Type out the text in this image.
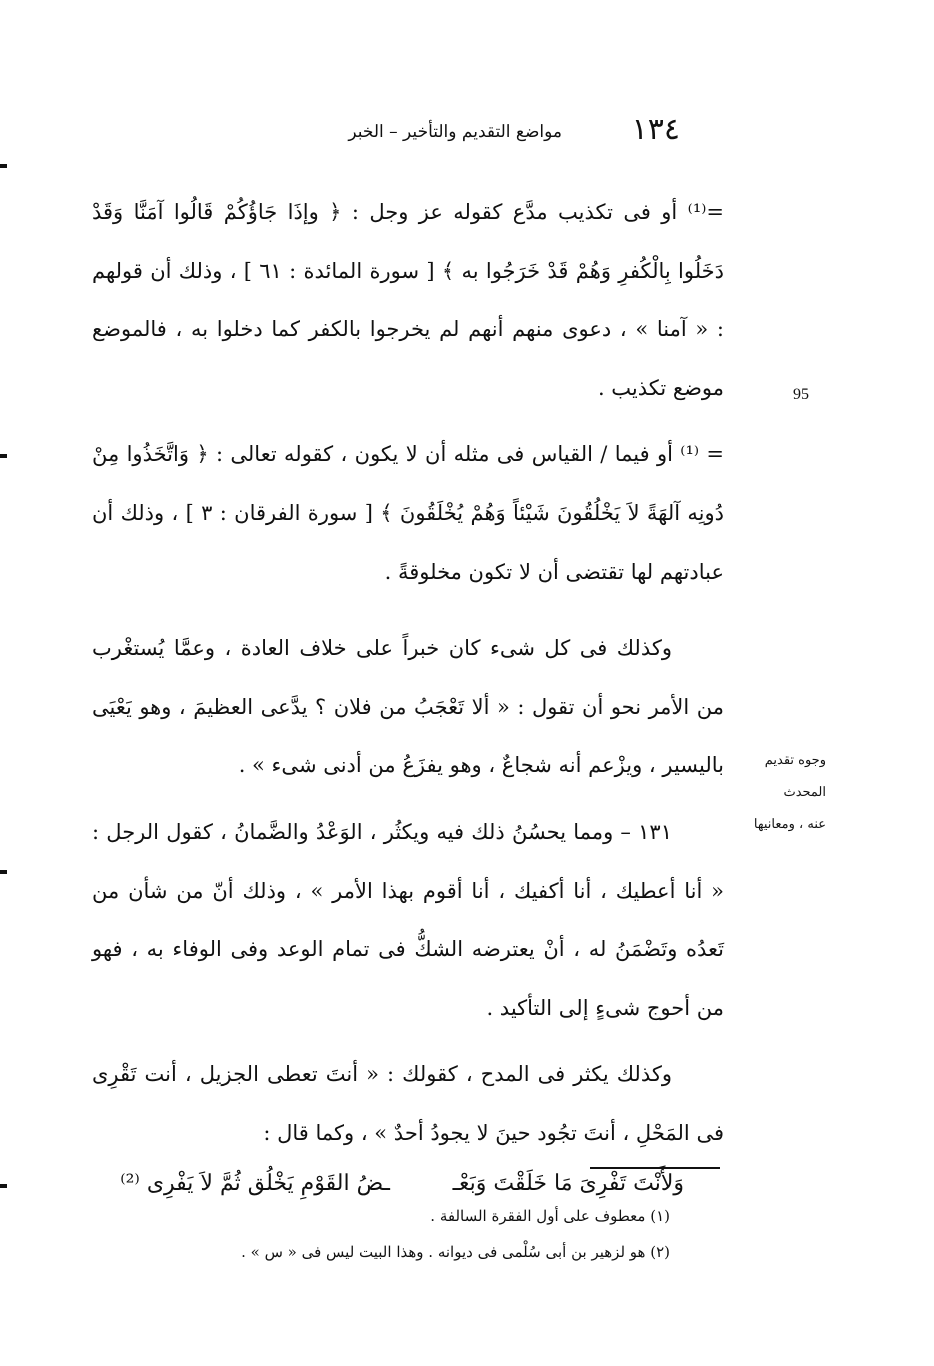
١٣٤
مواضع التقديم والتأخير – الخبر
95
وجوه تقديم المحدث
عنه ، ومعانيها

=⁽¹⁾ أو فى تكذيب مدَّع كقوله عز وجل : ﴿ وإذَا جَاؤُكُمْ قَالُوا آمَنَّا وَقَدْ دَخَلُوا بِالْكُفرِ وَهُمْ قَدْ خَرَجُوا به ﴾ [ سورة المائدة : ٦١ ] ، وذلك أن قولهم : « آمنا » ، دعوى منهم أنهم لم يخرجوا بالكفر كما دخلوا به ، فالموضع موضع تكذيب .

= ⁽¹⁾ أو فيما / القياس فى مثله أن لا يكون ، كقوله تعالى : ﴿ وَاتَّخَذُوا مِنْ دُونِه آلهَةً لاَ يَخْلُقُونَ شَيْئاً وَهُمْ يُخْلَقُونَ ﴾ [ سورة الفرقان : ٣ ] ، وذلك أن عبادتهم لها تقتضى أن لا تكون مخلوقةً .

وكذلك فى كل شىء كان خبراً على خلاف العادة ، وعمَّا يُستغْرب من الأمر نحو أن تقول : « ألا تَعْجَبُ من فلان ؟ يدَّعى العظيمَ ، وهو يَعْيَى باليسير ، ويزْعم أنه شجاعٌ ، وهو يفزَعُ من أدنى شىء » .

١٣١ – ومما يحسُنُ ذلك فيه ويكثُر ، الوَعْدُ والضَّمانُ ، كقول الرجل : « أنا أعطيك ، أنا أكفيك ، أنا أقوم بهذا الأمر » ، وذلك أنّ من شأن من تَعدُه وتَضْمَنُ له ، أنْ يعترضه الشكُّ فى تمام الوعد وفى الوفاء به ، فهو من أحوج شىءٍ إلى التأكيد .

وكذلك يكثر فى المدح ، كقولك : « أنتَ تعطى الجزيل ، أنت تَقْرِى فى المَحْلِ ، أنتَ تجُود حينَ لا يجودُ أحدٌ » ، وكما قال :

وَلأَنْتَ تَفْرِىَ مَا خَلَقْتَ وَبَعْـ
ـضُ القَوْمِ يَخْلُق ثُمَّ لاَ يَفْرِى ⁽²⁾

(١) معطوف على أول الفقرة السالفة .

(٢) هو لزهير بن أبى سُلْمى فى ديوانه . وهذا البيت ليس فى « س » .
